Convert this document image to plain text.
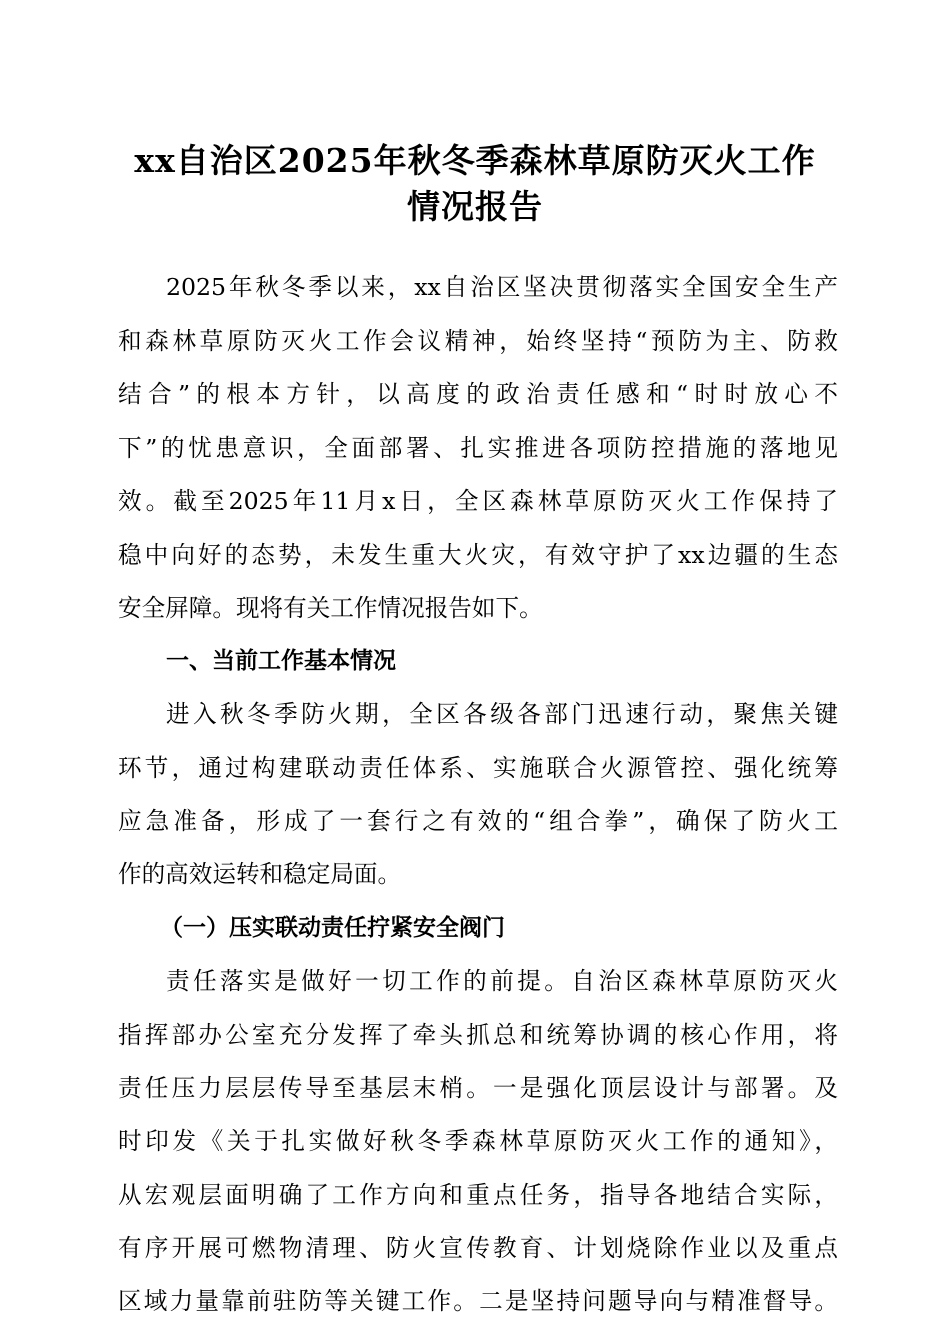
xx自治区2025年秋冬季森林草原防灭火工作
情况报告

2025年秋冬季以来，xx自治区坚决贯彻落实全国安全生产

和森林草原防灭火工作会议精神，始终坚持“预防为主、防救

结合”的根本方针，以高度的政治责任感和“时时放心不

下”的忧患意识，全面部署、扎实推进各项防控措施的落地见

效。截至2025年11月x日，全区森林草原防灭火工作保持了

稳中向好的态势，未发生重大火灾，有效守护了xx边疆的生态

安全屏障。现将有关工作情况报告如下。

一、当前工作基本情况

进入秋冬季防火期，全区各级各部门迅速行动，聚焦关键

环节，通过构建联动责任体系、实施联合火源管控、强化统筹

应急准备，形成了一套行之有效的“组合拳”，确保了防火工

作的高效运转和稳定局面。

（一）压实联动责任拧紧安全阀门

责任落实是做好一切工作的前提。自治区森林草原防灭火

指挥部办公室充分发挥了牵头抓总和统筹协调的核心作用，将

责任压力层层传导至基层末梢。一是强化顶层设计与部署。及

时印发《关于扎实做好秋冬季森林草原防灭火工作的通知》，

从宏观层面明确了工作方向和重点任务，指导各地结合实际，

有序开展可燃物清理、防火宣传教育、计划烧除作业以及重点

区域力量靠前驻防等关键工作。二是坚持问题导向与精准督导。
